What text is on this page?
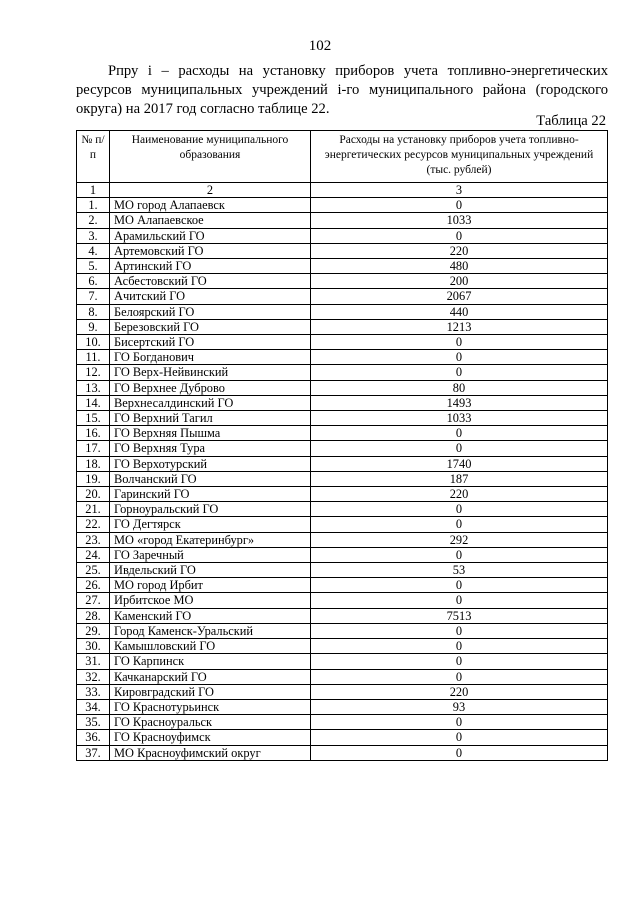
102

Рпру i – расходы на установку приборов учета топливно-энергетических ресурсов муниципальных учреждений i-го муниципального района (городского округа) на 2017 год согласно таблице 22.

Таблица 22
№ п/п	Наименование муниципального образования	Расходы на установку приборов учета топливно-энергетических ресурсов муниципальных учреждений (тыс. рублей)
1	2	3
1.	МО город Алапаевск	0
2.	МО Алапаевское	1033
3.	Арамильский ГО	0
4.	Артемовский ГО	220
5.	Артинский ГО	480
6.	Асбестовский ГО	200
7.	Ачитский ГО	2067
8.	Белоярский ГО	440
9.	Березовский ГО	1213
10.	Бисертский ГО	0
11.	ГО Богданович	0
12.	ГО Верх-Нейвинский	0
13.	ГО Верхнее Дуброво	80
14.	Верхнесалдинский ГО	1493
15.	ГО Верхний Тагил	1033
16.	ГО Верхняя Пышма	0
17.	ГО Верхняя Тура	0
18.	ГО Верхотурский	1740
19.	Волчанский ГО	187
20.	Гаринский ГО	220
21.	Горноуральский ГО	0
22.	ГО Дегтярск	0
23.	МО «город Екатеринбург»	292
24.	ГО Заречный	0
25.	Ивдельский ГО	53
26.	МО город Ирбит	0
27.	Ирбитское МО	0
28.	Каменский ГО	7513
29.	Город Каменск-Уральский	0
30.	Камышловский ГО	0
31.	ГО Карпинск	0
32.	Качканарский ГО	0
33.	Кировградский ГО	220
34.	ГО Краснотурьинск	93
35.	ГО Красноуральск	0
36.	ГО Красноуфимск	0
37.	МО Красноуфимский округ	0
